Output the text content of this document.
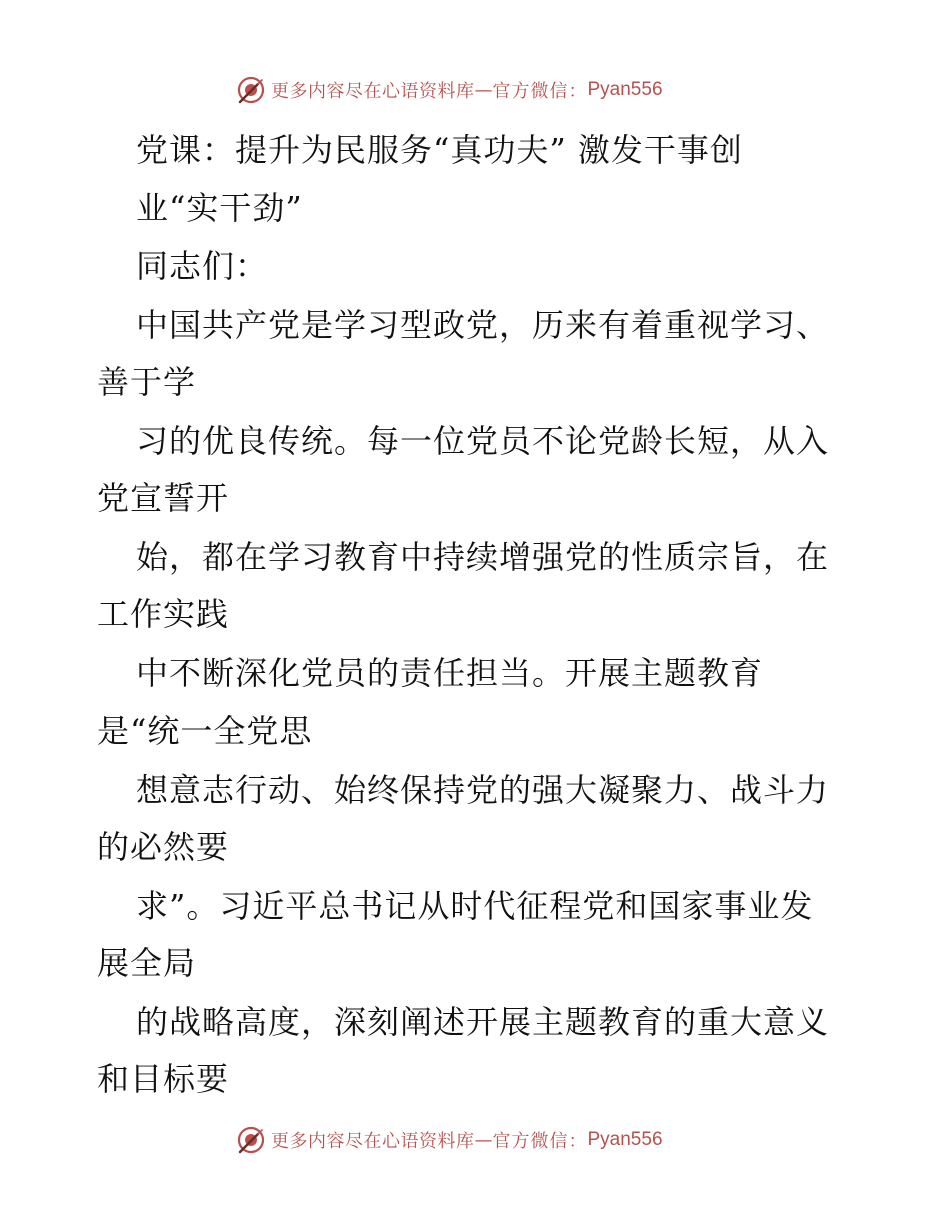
更多内容尽在心语资料库 — 官方微信： Pyan556
党课：提升为民服务“真功夫” 激发干事创
业“实干劲”
同志们：
中国共产党是学习型政党，历来有着重视学习、
善于学
习的优良传统。每一位党员不论党龄长短，从入
党宣誓开
始，都在学习教育中持续增强党的性质宗旨，在
工作实践
中不断深化党员的责任担当。开展主题教育
是“统一全党思
想意志行动、始终保持党的强大凝聚力、战斗力
的必然要
求”。习近平总书记从时代征程党和国家事业发
展全局
的战略高度，深刻阐述开展主题教育的重大意义
和目标要
更多内容尽在心语资料库 — 官方微信： Pyan556
